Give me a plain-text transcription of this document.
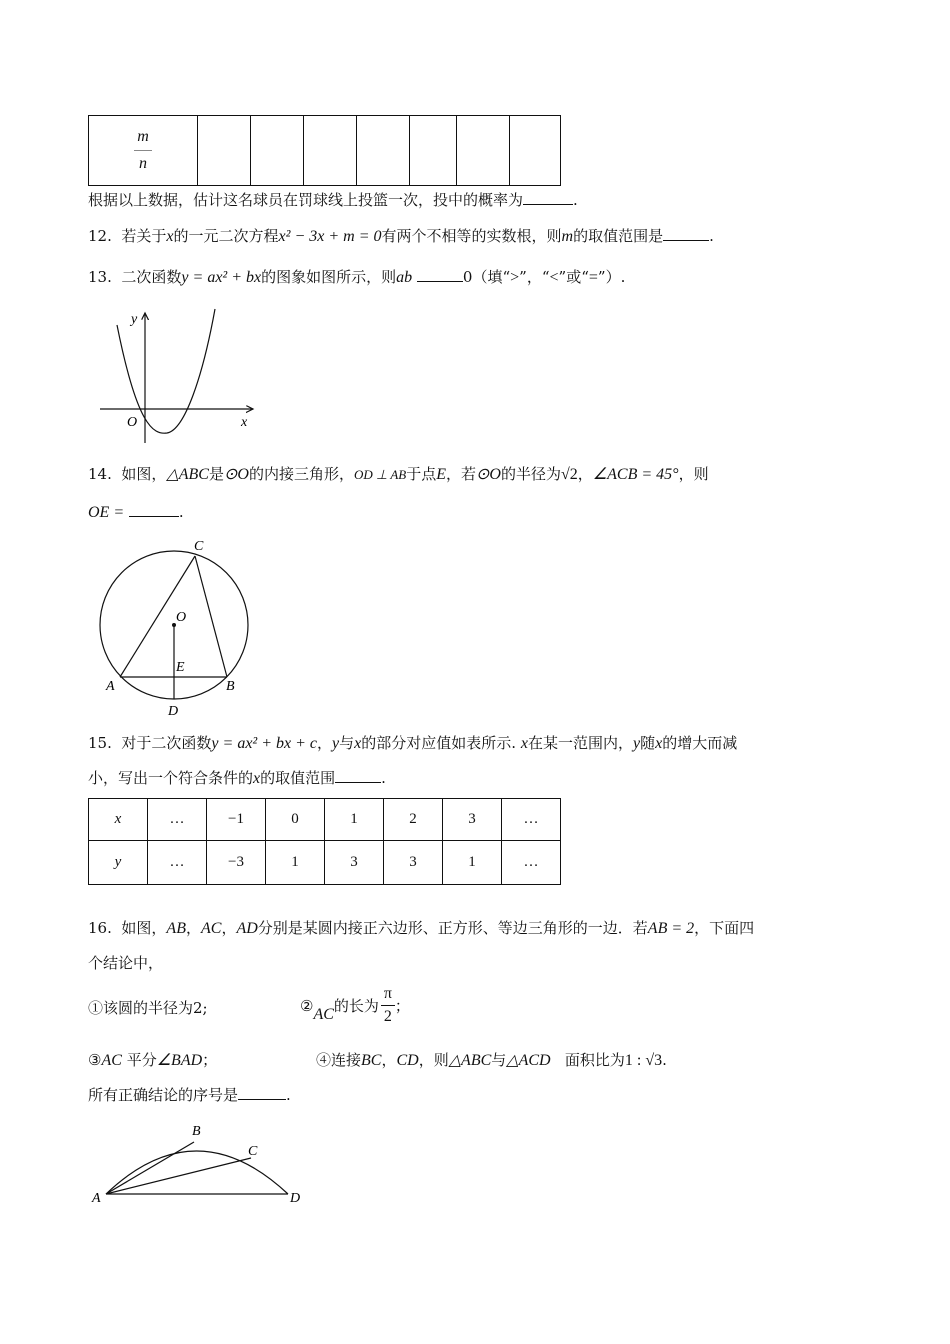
$\frac{m}{n}$

根据以上数据，估计这名球员在罚球线上投篮一次，投中的概率为	.
12. 若关于x的一元二次方程x² − 3x + m = 0有两个不相等的实数根，则m的取值范围是	.
13. 二次函数y = ax² + bx的图象如图所示，则ab	0（填“>”，“<”或“=”）.
y
x
O
14. 如图，△ABC是⊙O的内接三角形，OD ⊥ AB于点E，若⊙O的半径为√2，∠ACB = 45°，则
OE =	.
C
O
E
A	B
D
15. 对于二次函数y = ax² + bx + c，y与x的部分对应值如表所示. x在某一范围内，y随x的增大而减
小，写出一个符合条件的x的取值范围	.
x	…	−1	0	1	2	3	…
y	…	−3	1	3	3	1	…
16. 如图，AB，AC，AD分别是某圆内接正六边形、正方形、等边三角形的一边．若AB = 2，下面四
个结论中，
①该圆的半径为2;	② AC 的长为 $\frac{\pi}{2}$ ；
③AC 平分∠BAD；	④连接BC，CD，则△ABC与△ACD 面积比为1 : √3.
所有正确结论的序号是	.
A
B
C
D
